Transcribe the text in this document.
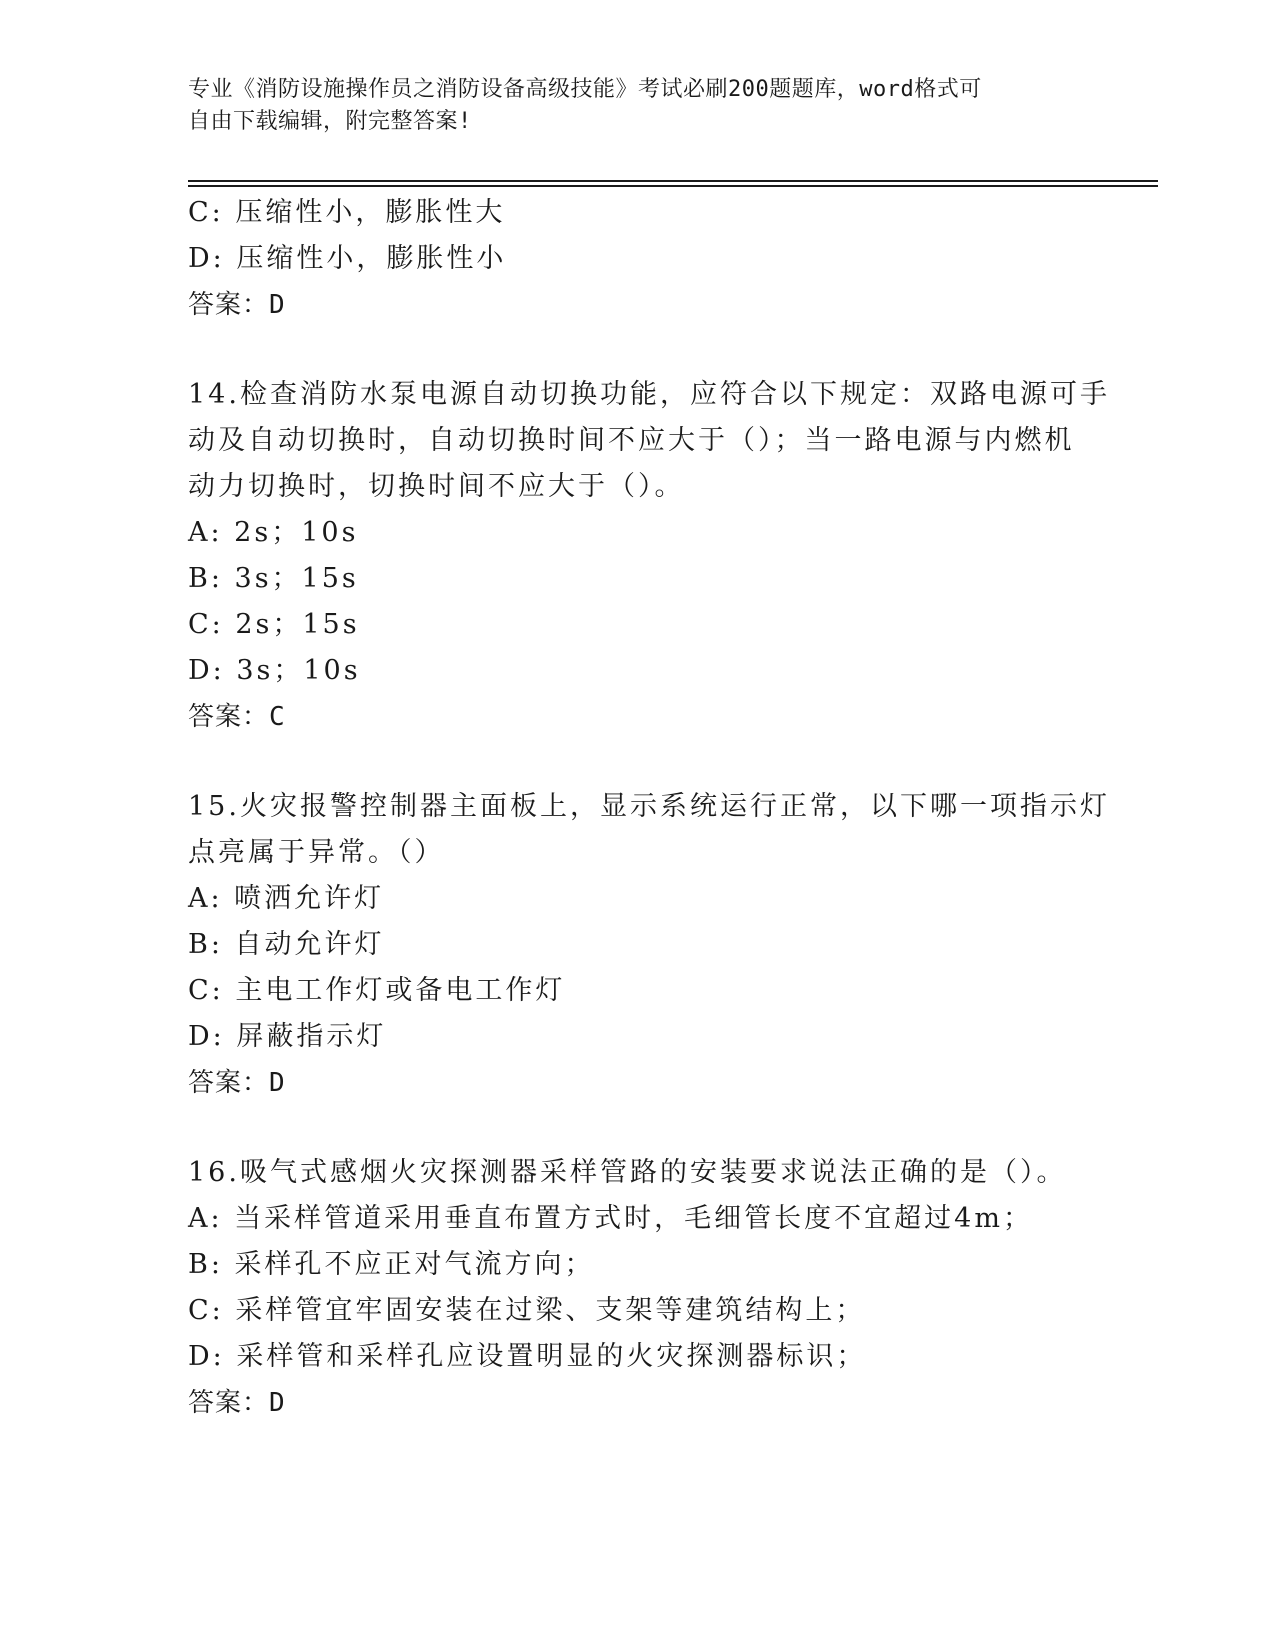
专业《消防设施操作员之消防设备高级技能》考试必刷200题题库，word格式可
自由下载编辑，附完整答案!
C: 压缩性小，膨胀性大
D: 压缩性小，膨胀性小
答案：D
14.检查消防水泵电源自动切换功能，应符合以下规定：双路电源可手
动及自动切换时，自动切换时间不应大于（）；当一路电源与内燃机
动力切换时，切换时间不应大于（）。
A: 2s；10s
B: 3s；15s
C: 2s；15s
D: 3s；10s
答案：C
15.火灾报警控制器主面板上，显示系统运行正常，以下哪一项指示灯
点亮属于异常。（）
A: 喷洒允许灯
B: 自动允许灯
C: 主电工作灯或备电工作灯
D: 屏蔽指示灯
答案：D
16.吸气式感烟火灾探测器采样管路的安装要求说法正确的是（）。
A: 当采样管道采用垂直布置方式时，毛细管长度不宜超过4m；
B: 采样孔不应正对气流方向；
C: 采样管宜牢固安装在过梁、支架等建筑结构上；
D: 采样管和采样孔应设置明显的火灾探测器标识；
答案：D
